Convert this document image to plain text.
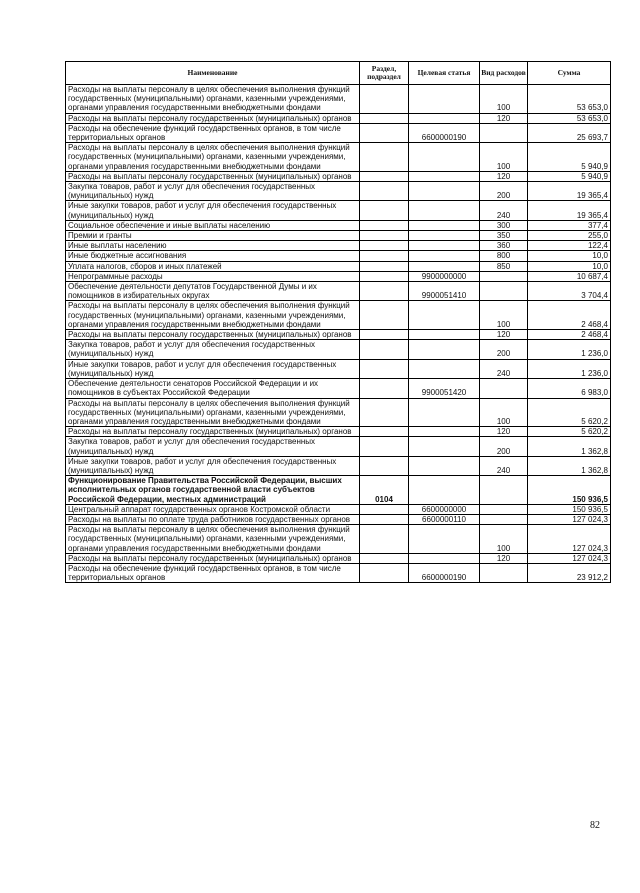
Наименование	Раздел, подраздел	Целевая статья	Вид расходов	Сумма
Расходы на выплаты персоналу в целях обеспечения выполнения функций государственных (муниципальными) органами, казенными учреждениями, органами управления государственными внебюджетными фондами			100	53 653,0
Расходы на выплаты персоналу государственных (муниципальных) органов			120	53 653,0
Расходы на обеспечение функций государственных органов, в том числе территориальных органов		6600000190		25 693,7
Расходы на выплаты персоналу в целях обеспечения выполнения функций государственных (муниципальными) органами, казенными учреждениями, органами управления государственными внебюджетными фондами			100	5 940,9
Расходы на выплаты персоналу государственных (муниципальных) органов			120	5 940,9
Закупка товаров, работ и услуг для обеспечения государственных (муниципальных) нужд			200	19 365,4
Иные закупки товаров, работ и услуг для обеспечения государственных (муниципальных) нужд			240	19 365,4
Социальное обеспечение и иные выплаты населению			300	377,4
Премии и гранты			350	255,0
Иные выплаты населению			360	122,4
Иные бюджетные ассигнования			800	10,0
Уплата налогов, сборов и иных платежей			850	10,0
Непрограммные расходы		9900000000		10 687,4
Обеспечение деятельности депутатов Государственной Думы и их помощников в избирательных округах		9900051410		3 704,4
Расходы на выплаты персоналу в целях обеспечения выполнения функций государственных (муниципальными) органами, казенными учреждениями, органами управления государственными внебюджетными фондами			100	2 468,4
Расходы на выплаты персоналу государственных (муниципальных) органов			120	2 468,4
Закупка товаров, работ и услуг для обеспечения государственных (муниципальных) нужд			200	1 236,0
Иные закупки товаров, работ и услуг для обеспечения государственных (муниципальных) нужд			240	1 236,0
Обеспечение деятельности сенаторов Российской Федерации и их помощников в субъектах Российской Федерации		9900051420		6 983,0
Расходы на выплаты персоналу в целях обеспечения выполнения функций государственных (муниципальными) органами, казенными учреждениями, органами управления государственными внебюджетными фондами			100	5 620,2
Расходы на выплаты персоналу государственных (муниципальных) органов			120	5 620,2
Закупка товаров, работ и услуг для обеспечения государственных (муниципальных) нужд			200	1 362,8
Иные закупки товаров, работ и услуг для обеспечения государственных (муниципальных) нужд			240	1 362,8
Функционирование Правительства Российской Федерации, высших исполнительных органов государственной власти субъектов Российской Федерации, местных администраций	0104			150 936,5
Центральный аппарат государственных органов Костромской области		6600000000		150 936,5
Расходы на выплаты по оплате труда работников государственных органов		6600000110		127 024,3
Расходы на выплаты персоналу в целях обеспечения выполнения функций государственных (муниципальными) органами, казенными учреждениями, органами управления государственными внебюджетными фондами			100	127 024,3
Расходы на выплаты персоналу государственных (муниципальных) органов			120	127 024,3
Расходы на обеспечение функций государственных органов, в том числе территориальных органов		6600000190		23 912,2
82
